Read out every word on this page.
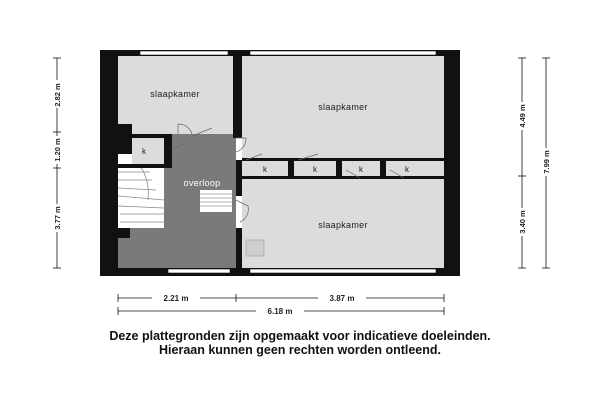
slaapkamer
slaapkamer
slaapkamer
overloop
k
k	k	k	k
2.82 m
1.20 m
3.77 m
4.49 m
3.40 m
7.99 m
2.21 m	3.87 m
6.18 m
Deze plattegronden zijn opgemaakt voor indicatieve doeleinden.
Hieraan kunnen geen rechten worden ontleend.
